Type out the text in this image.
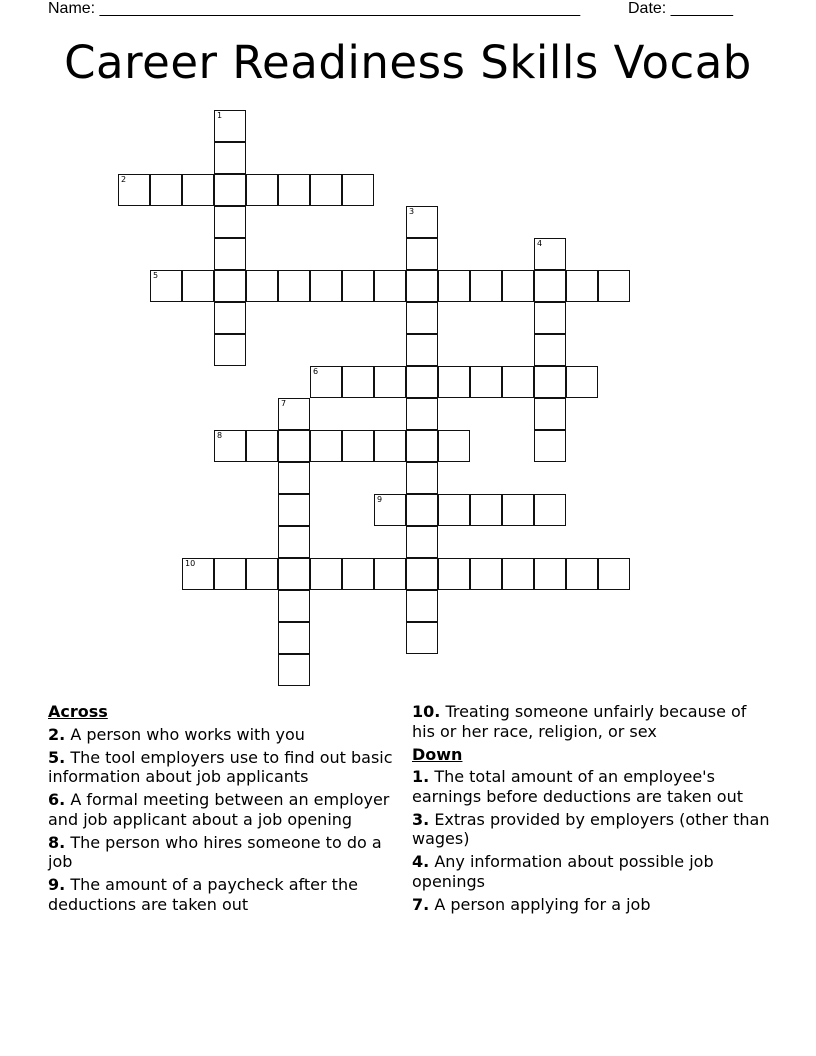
Name: ______________________________________________________	Date: _______
Career Readiness Skills Vocab
1
2
3
4
5
6
7
8
9
10
Across
2. A person who works with you
5. The tool employers use to find out basic information about job applicants
6. A formal meeting between an employer and job applicant about a job opening
8. The person who hires someone to do a job
9. The amount of a paycheck after the deductions are taken out
10. Treating someone unfairly because of his or her race, religion, or sex
Down
1. The total amount of an employee's earnings before deductions are taken out
3. Extras provided by employers (other than wages)
4. Any information about possible job openings
7. A person applying for a job
